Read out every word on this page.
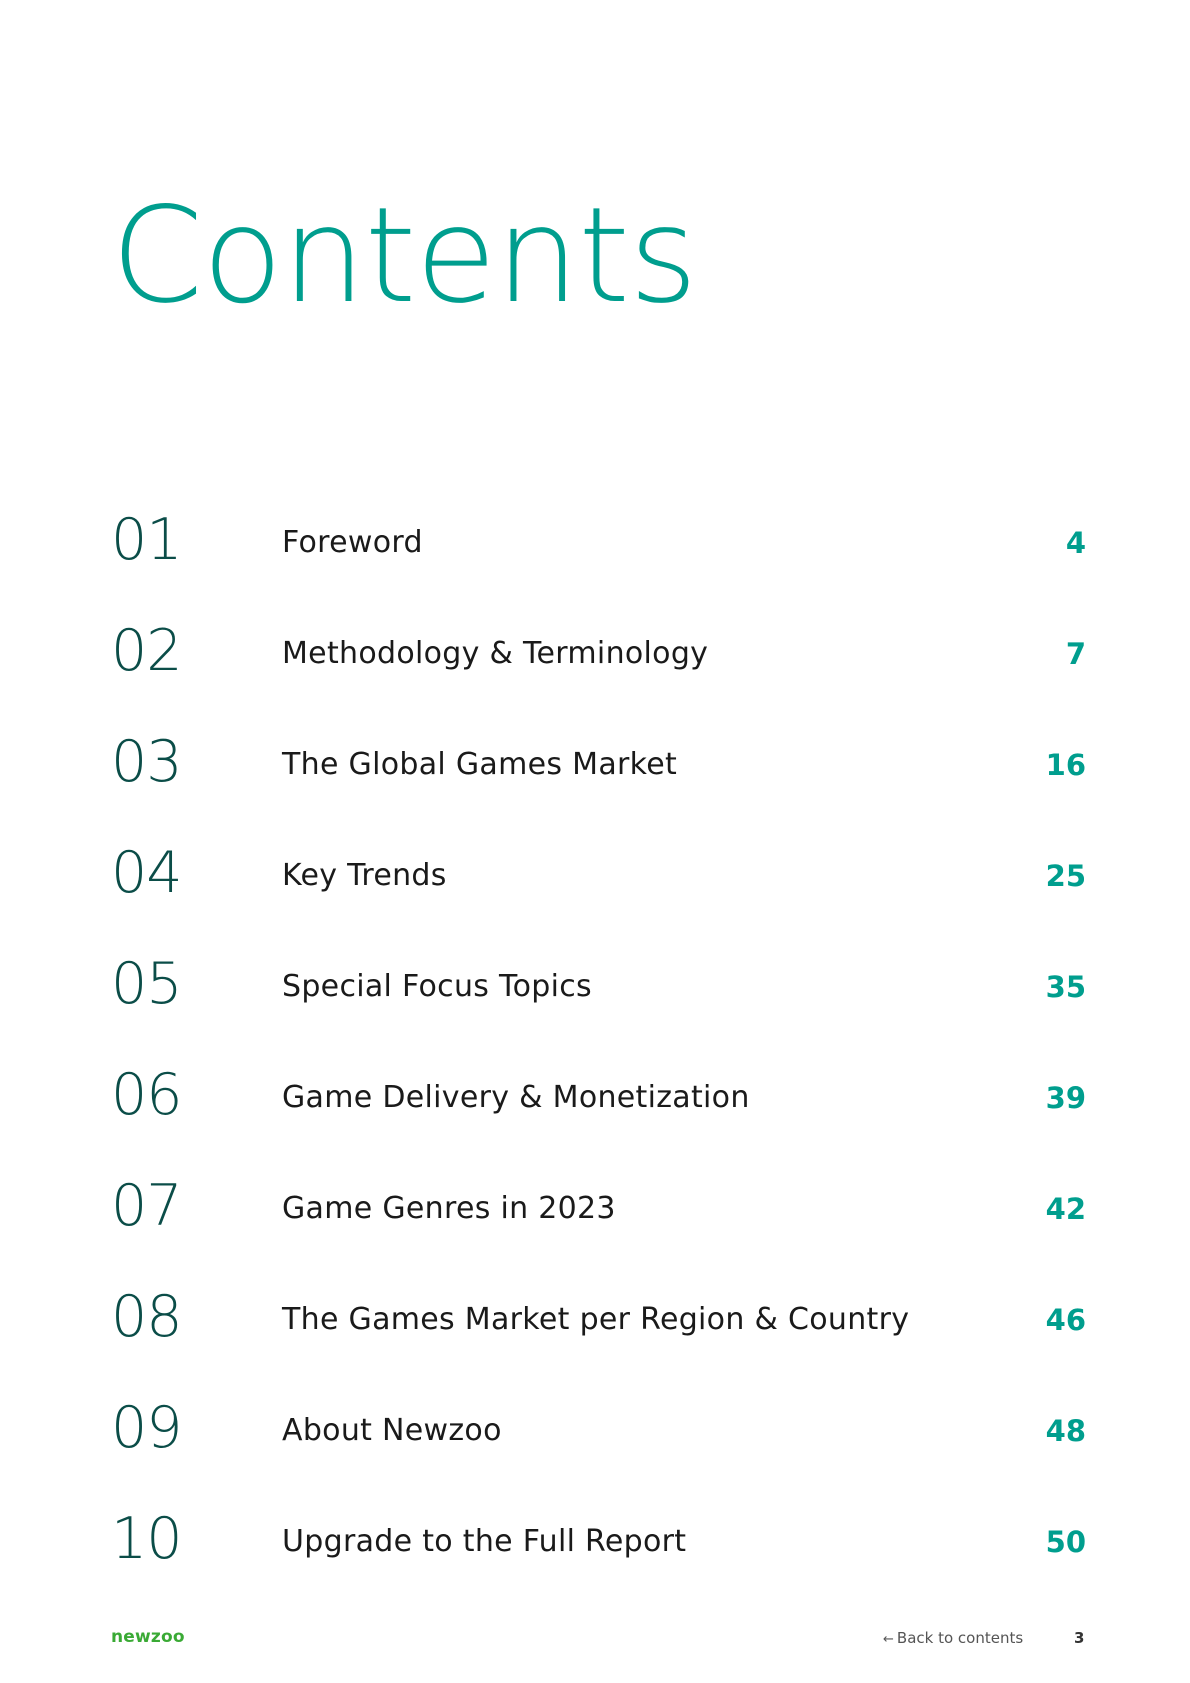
Contents
01	Foreword	4
02	Methodology & Terminology	7
03	The Global Games Market	16
04	Key Trends	25
05	Special Focus Topics	35
06	Game Delivery & Monetization	39
07	Game Genres in 2023	42
08	The Games Market per Region & Country	46
09	About Newzoo	48
10	Upgrade to the Full Report	50
newzoo	← Back to contents	3
